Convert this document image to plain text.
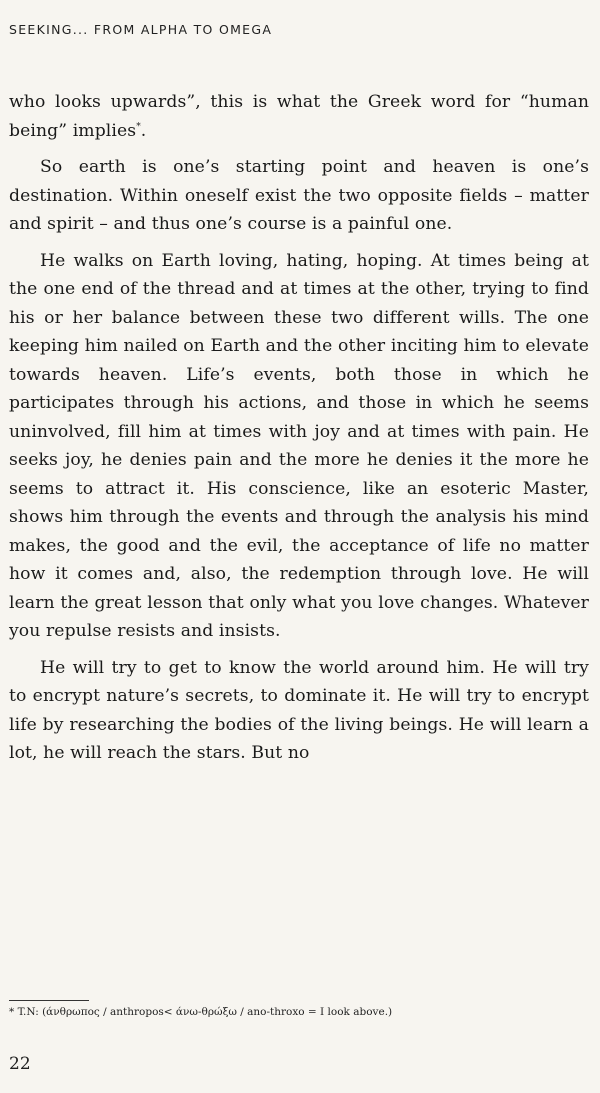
SEEKING... FROM ALPHA TO OMEGA

who looks upwards”, this is what the Greek word for “human being” implies*.

So earth is one’s starting point and heaven is one’s destination. Within oneself exist the two opposite fields – matter and spirit – and thus one’s course is a painful one.

He walks on Earth loving, hating, hoping. At times being at the one end of the thread and at times at the other, trying to find his or her balance between these two different wills. The one keeping him nailed on Earth and the other inciting him to elevate towards heaven. Life’s events, both those in which he participates through his actions, and those in which he seems uninvolved, fill him at times with joy and at times with pain. He seeks joy, he denies pain and the more he denies it the more he seems to attract it. His conscience, like an esoteric Master, shows him through the events and through the analysis his mind makes, the good and the evil, the acceptance of life no matter how it comes and, also, the redemption through love. He will learn the great lesson that only what you love changes. Whatever you repulse resists and insists.

He will try to get to know the world around him. He will try to encrypt nature’s secrets, to dominate it. He will try to encrypt life by researching the bodies of the living beings. He will learn a lot, he will reach the stars. But no

* T.N: (άνθρωπος / anthropos< άνω-θρώξω / ano-throxo = I look above.)
22
